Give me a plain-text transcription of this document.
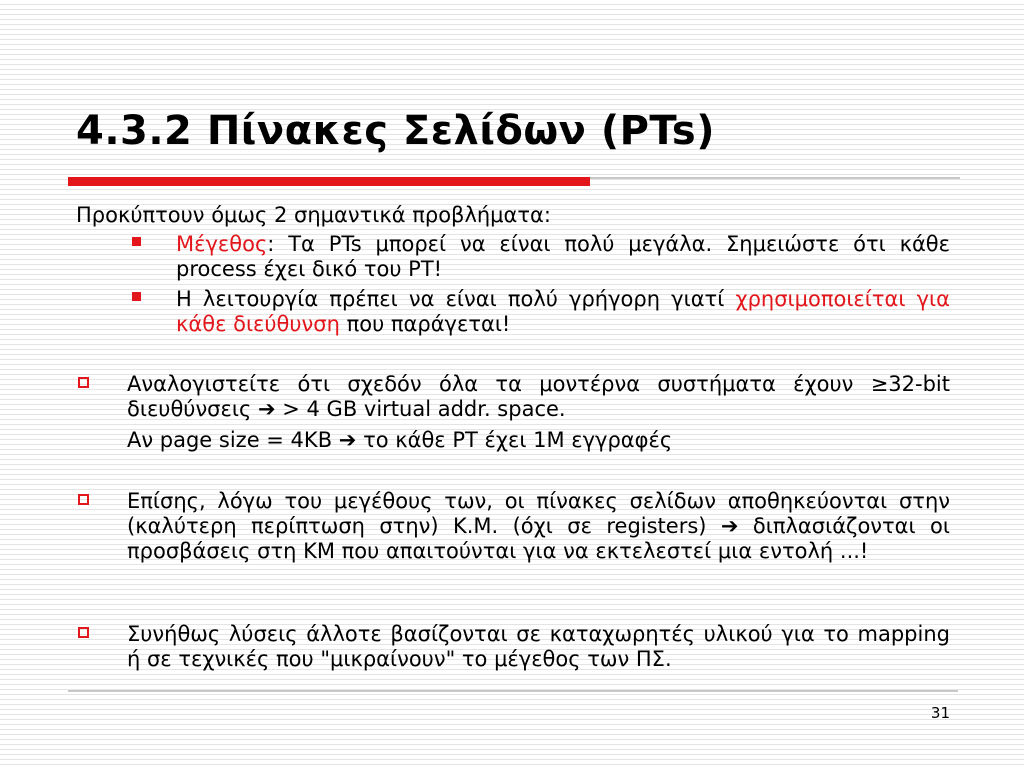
4.3.2 Πίνακες Σελίδων (PTs)
Προκύπτουν όμως 2 σημαντικά προβλήματα:
Μέγεθος: Τα PTs μπορεί να είναι πολύ μεγάλα. Σημειώστε ότι κάθε process έχει δικό του PT!
Η λειτουργία πρέπει να είναι πολύ γρήγορη γιατί χρησιμοποιείται για κάθε διεύθυνση που παράγεται!
Αναλογιστείτε ότι σχεδόν όλα τα μοντέρνα συστήματα έχουν ≥32-bit διευθύνσεις ➔ > 4 GB virtual addr. space.
Αν page size = 4KB ➔ το κάθε PT έχει 1M εγγραφές
Επίσης, λόγω του μεγέθους των, οι πίνακες σελίδων αποθηκεύονται στην (καλύτερη περίπτωση στην) Κ.Μ. (όχι σε registers) ➔ διπλασιάζονται οι προσβάσεις στη ΚΜ που απαιτούνται για να εκτελεστεί μια εντολή ...!
Συνήθως λύσεις άλλοτε βασίζονται σε καταχωρητές υλικού για το mapping ή σε τεχνικές που "μικραίνουν" το μέγεθος των ΠΣ.
31
